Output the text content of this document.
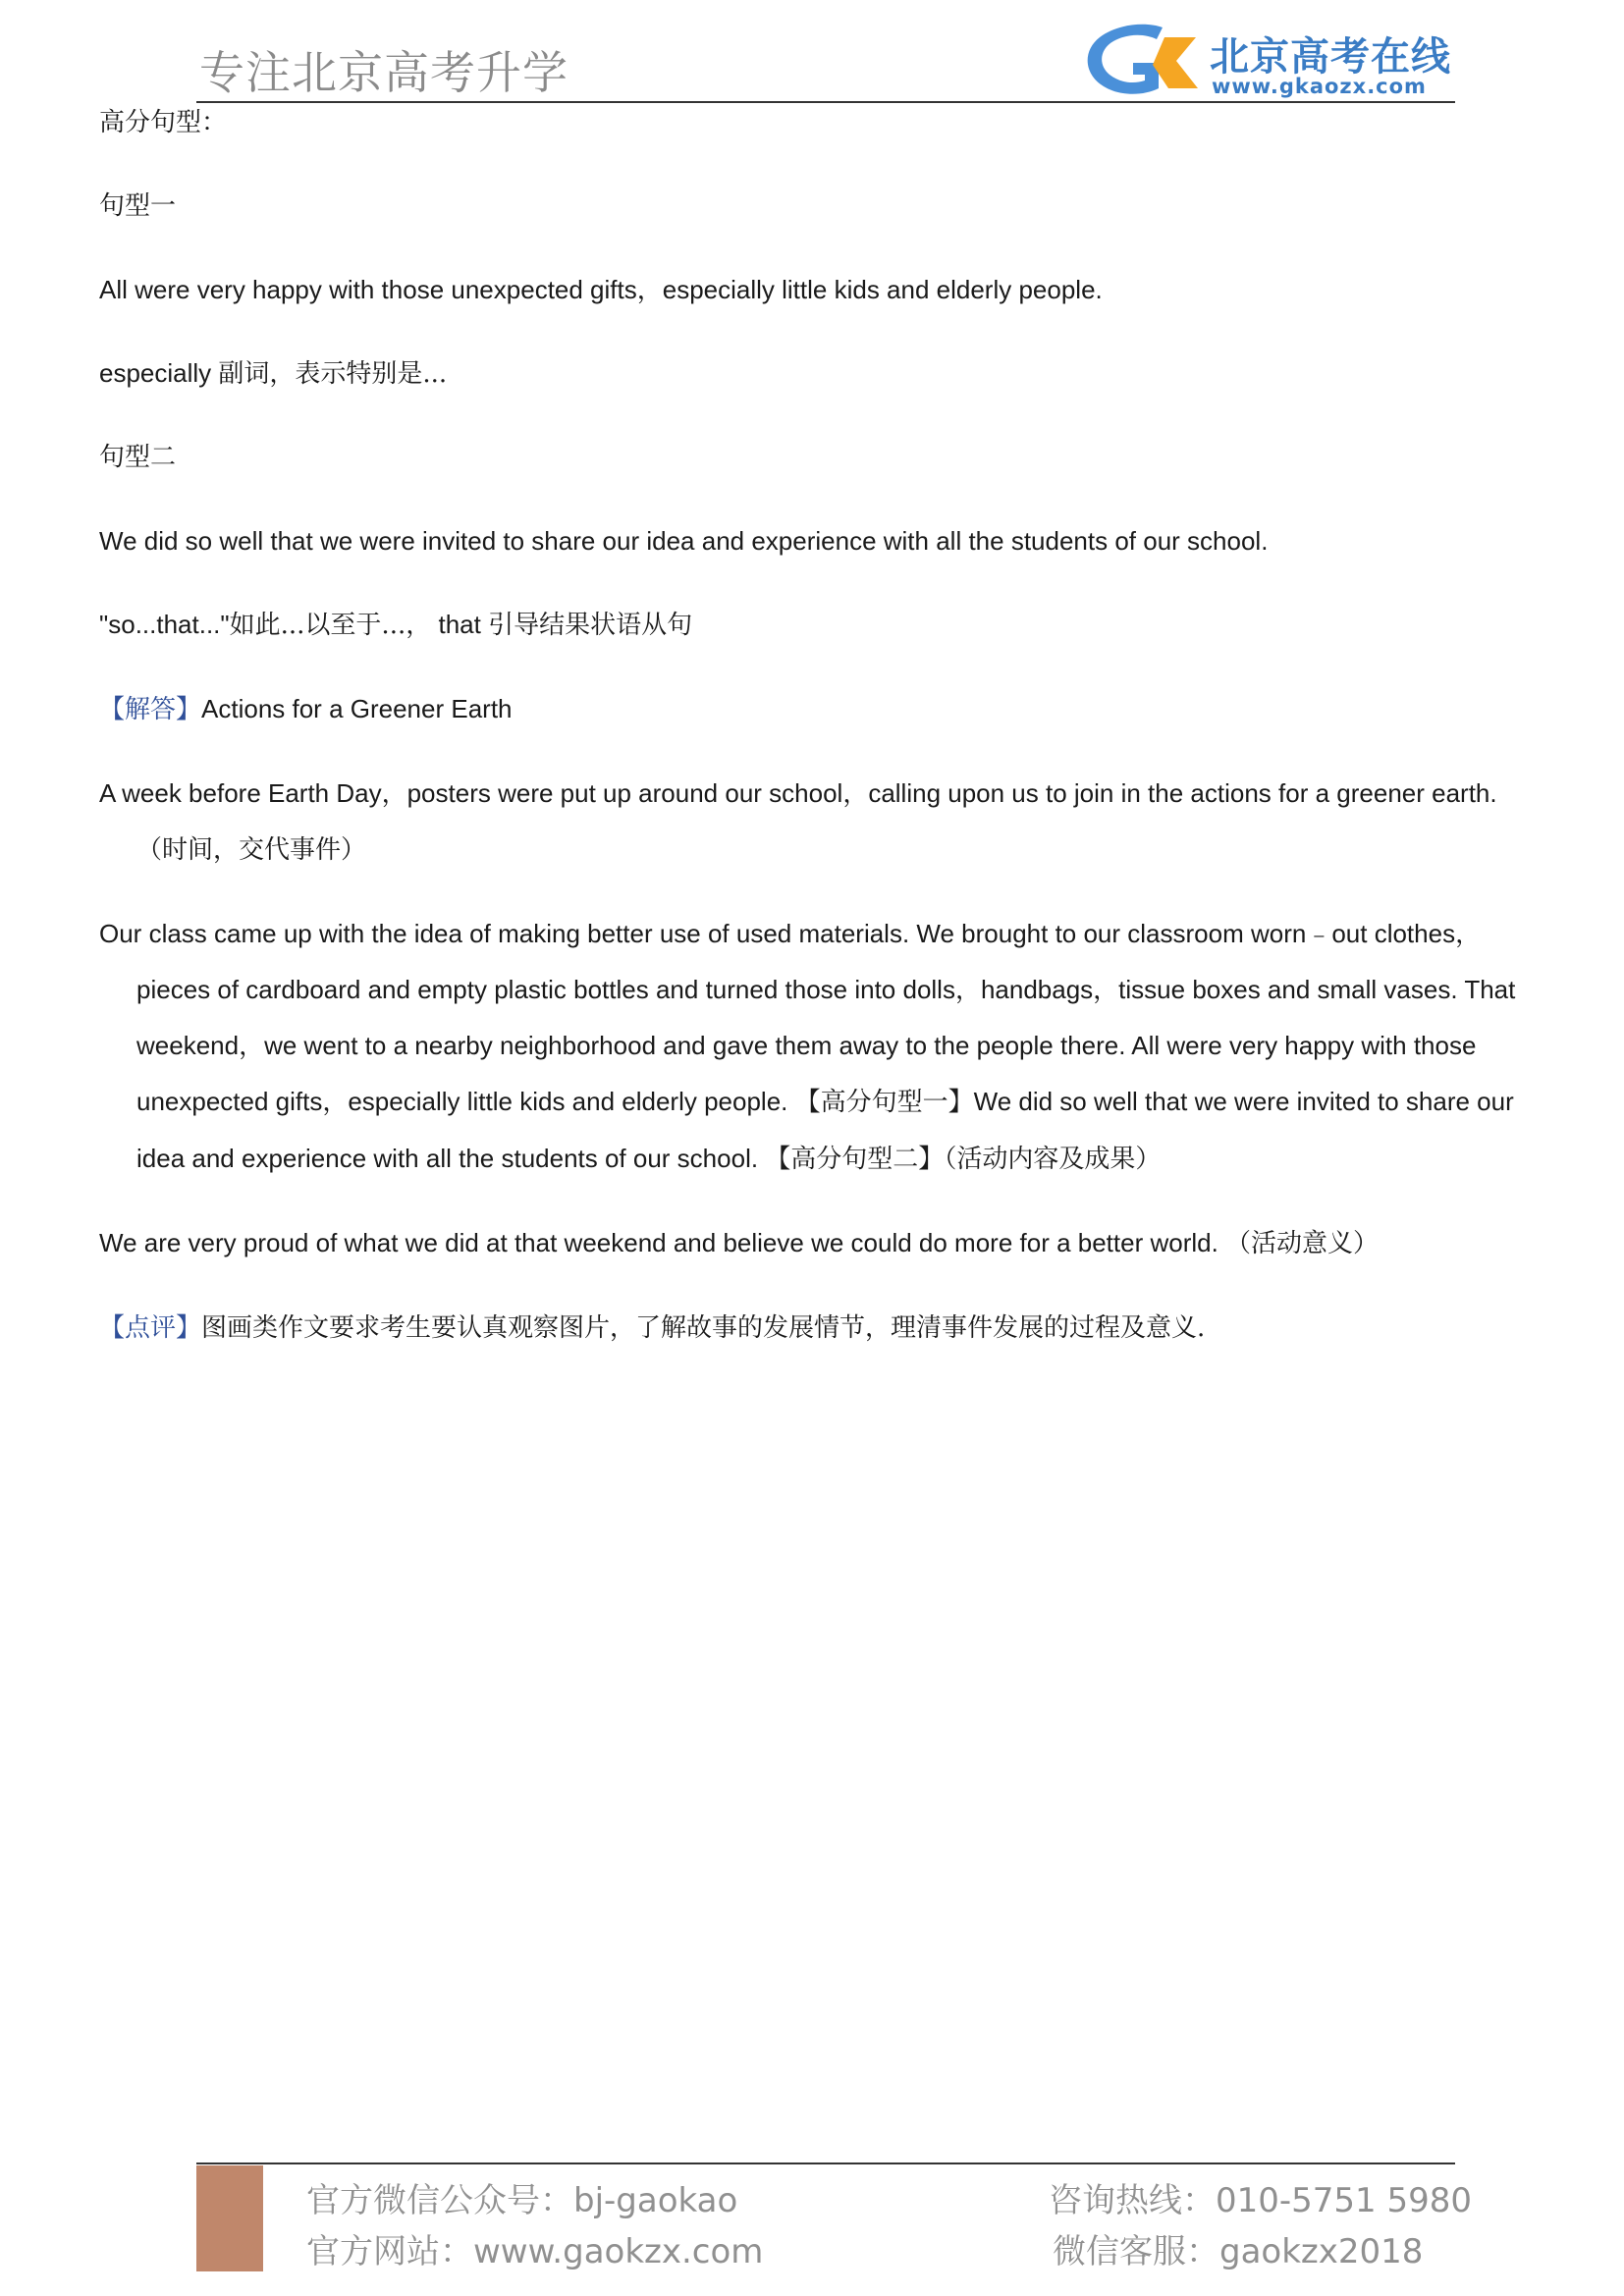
专注北京高考升学	北京高考在线
www.gkaozx.com
高分句型：
句型一
All were very happy with those unexpected gifts，especially little kids and elderly people.
especially 副词，表示特别是...
句型二
We did so well that we were invited to share our idea and experience with all the students of our school.
"so...that..."如此...以至于...， that 引导结果状语从句
【解答】Actions for a Greener Earth
A week before Earth Day，posters were put up around our school，calling upon us to join in the actions for a greener earth. （时间，交代事件）
Our class came up with the idea of making better use of used materials. We brought to our classroom worn﹣out clothes，pieces of cardboard and empty plastic bottles and turned those into dolls，handbags，tissue boxes and small vases. That weekend，we went to a nearby neighborhood and gave them away to the people there. All were very happy with those unexpected gifts，especially little kids and elderly people. 【高分句型一】We did so well that we were invited to share our idea and experience with all the students of our school. 【高分句型二】（活动内容及成果）
We are very proud of what we did at that weekend and believe we could do more for a better world. （活动意义）
【点评】图画类作文要求考生要认真观察图片，了解故事的发展情节，理清事件发展的过程及意义.
官方微信公众号：bj-gaokao
官方网站：www.gaokzx.com
咨询热线：010-5751 5980
微信客服：gaokzx2018
